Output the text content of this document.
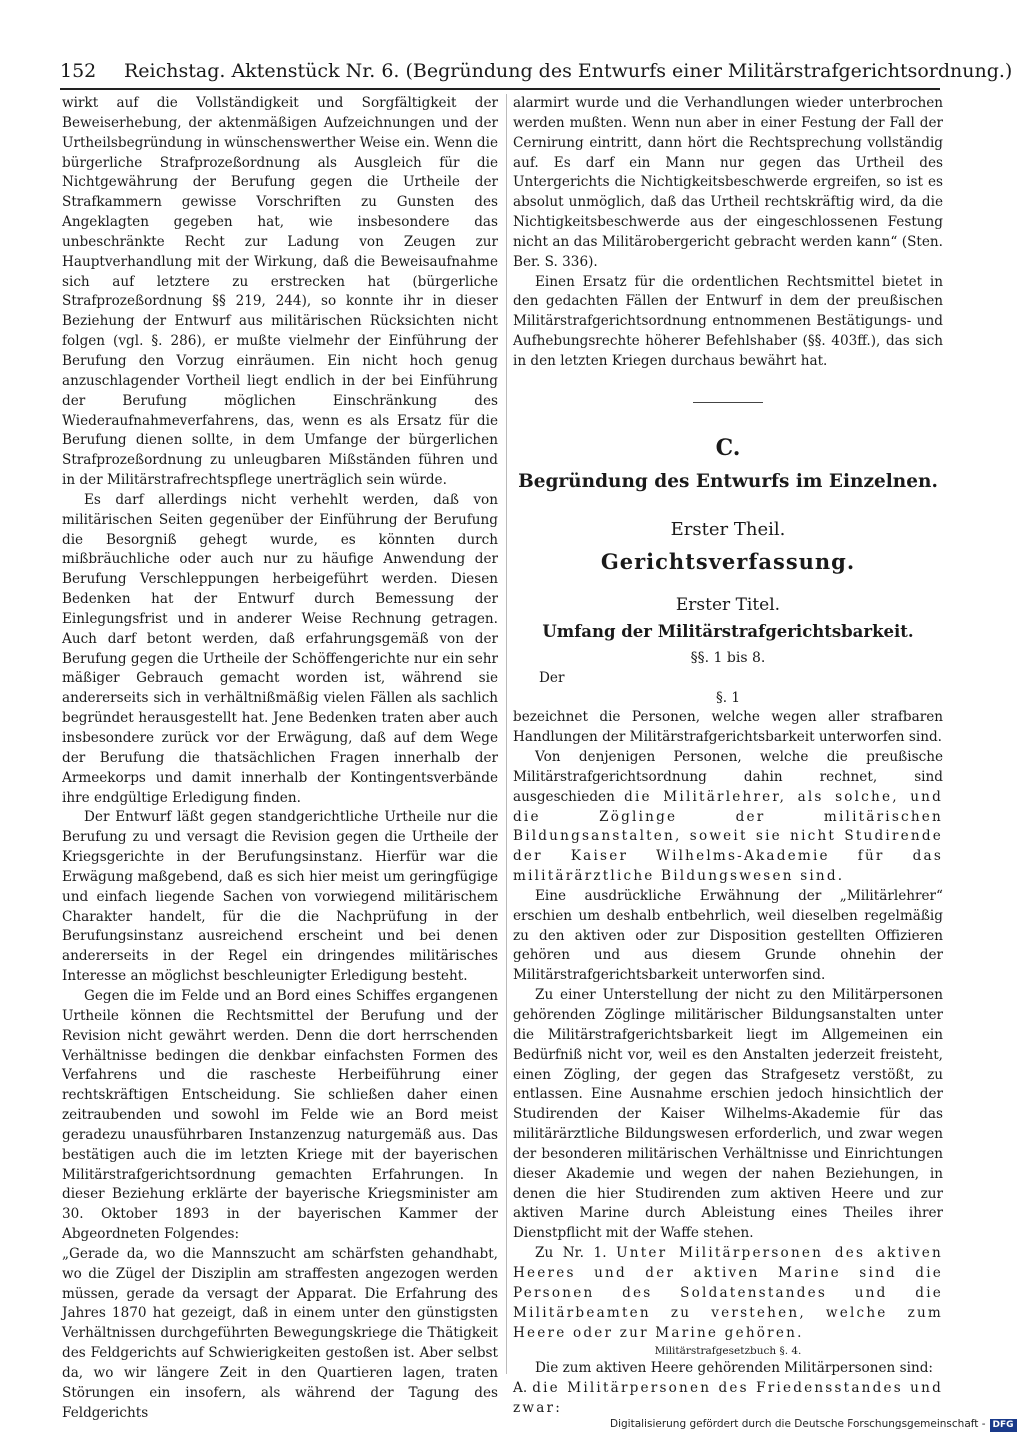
152 Reichstag. Aktenstück Nr. 6. (Begründung des Entwurfs einer Militärstrafgerichtsordnung.)

wirkt auf die Vollständigkeit und Sorgfältigkeit der Beweiserhebung, der aktenmäßigen Aufzeichnungen und der Urtheilsbegründung in wünschenswerther Weise ein. Wenn die bürgerliche Strafprozeßordnung als Ausgleich für die Nichtgewährung der Berufung gegen die Urtheile der Strafkammern gewisse Vorschriften zu Gunsten des Angeklagten gegeben hat, wie insbesondere das unbeschränkte Recht zur Ladung von Zeugen zur Hauptverhandlung mit der Wirkung, daß die Beweisaufnahme sich auf letztere zu erstrecken hat (bürgerliche Strafprozeßordnung §§ 219, 244), so konnte ihr in dieser Beziehung der Entwurf aus militärischen Rücksichten nicht folgen (vgl. §. 286), er mußte vielmehr der Einführung der Berufung den Vorzug einräumen. Ein nicht hoch genug anzuschlagender Vortheil liegt endlich in der bei Einführung der Berufung möglichen Einschränkung des Wiederaufnahmeverfahrens, das, wenn es als Ersatz für die Berufung dienen sollte, in dem Umfange der bürgerlichen Strafprozeßordnung zu unleugbaren Mißständen führen und in der Militärstrafrechtspflege unerträglich sein würde.

Es darf allerdings nicht verhehlt werden, daß von militärischen Seiten gegenüber der Einführung der Berufung die Besorgniß gehegt wurde, es könnten durch mißbräuchliche oder auch nur zu häufige Anwendung der Berufung Verschleppungen herbeigeführt werden. Diesen Bedenken hat der Entwurf durch Bemessung der Einlegungsfrist und in anderer Weise Rechnung getragen. Auch darf betont werden, daß erfahrungsgemäß von der Berufung gegen die Urtheile der Schöffengerichte nur ein sehr mäßiger Gebrauch gemacht worden ist, während sie andererseits sich in verhältnißmäßig vielen Fällen als sachlich begründet herausgestellt hat. Jene Bedenken traten aber auch insbesondere zurück vor der Erwägung, daß auf dem Wege der Berufung die thatsächlichen Fragen innerhalb der Armeekorps und damit innerhalb der Kontingentsverbände ihre endgültige Erledigung finden.

Der Entwurf läßt gegen standgerichtliche Urtheile nur die Berufung zu und versagt die Revision gegen die Urtheile der Kriegsgerichte in der Berufungsinstanz. Hierfür war die Erwägung maßgebend, daß es sich hier meist um geringfügige und einfach liegende Sachen von vorwiegend militärischem Charakter handelt, für die die Nachprüfung in der Berufungsinstanz ausreichend erscheint und bei denen andererseits in der Regel ein dringendes militärisches Interesse an möglichst beschleunigter Erledigung besteht.

Gegen die im Felde und an Bord eines Schiffes ergangenen Urtheile können die Rechtsmittel der Berufung und der Revision nicht gewährt werden. Denn die dort herrschenden Verhältnisse bedingen die denkbar einfachsten Formen des Verfahrens und die rascheste Herbeiführung einer rechtskräftigen Entscheidung. Sie schließen daher einen zeitraubenden und sowohl im Felde wie an Bord meist geradezu unausführbaren Instanzenzug naturgemäß aus. Das bestätigen auch die im letzten Kriege mit der bayerischen Militärstrafgerichtsordnung gemachten Erfahrungen. In dieser Beziehung erklärte der bayerische Kriegsminister am 30. Oktober 1893 in der bayerischen Kammer der Abgeordneten Folgendes:

„Gerade da, wo die Mannszucht am schärfsten gehandhabt, wo die Zügel der Disziplin am straffesten angezogen werden müssen, gerade da versagt der Apparat. Die Erfahrung des Jahres 1870 hat gezeigt, daß in einem unter den günstigsten Verhältnissen durchgeführten Bewegungskriege die Thätigkeit des Feldgerichts auf Schwierigkeiten gestoßen ist. Aber selbst da, wo wir längere Zeit in den Quartieren lagen, traten Störungen ein insofern, als während der Tagung des Feldgerichts

alarmirt wurde und die Verhandlungen wieder unterbrochen werden mußten. Wenn nun aber in einer Festung der Fall der Cernirung eintritt, dann hört die Rechtsprechung vollständig auf. Es darf ein Mann nur gegen das Urtheil des Untergerichts die Nichtigkeitsbeschwerde ergreifen, so ist es absolut unmöglich, daß das Urtheil rechtskräftig wird, da die Nichtigkeitsbeschwerde aus der eingeschlossenen Festung nicht an das Militärobergericht gebracht werden kann“ (Sten. Ber. S. 336).

Einen Ersatz für die ordentlichen Rechtsmittel bietet in den gedachten Fällen der Entwurf in dem der preußischen Militärstrafgerichtsordnung entnommenen Bestätigungs- und Aufhebungsrechte höherer Befehlshaber (§§. 403ff.), das sich in den letzten Kriegen durchaus bewährt hat.

C.
Begründung des Entwurfs im Einzelnen.
Erster Theil.
Gerichtsverfassung.
Erster Titel.
Umfang der Militärstrafgerichtsbarkeit.
§§. 1 bis 8.
Der
§. 1

bezeichnet die Personen, welche wegen aller strafbaren Handlungen der Militärstrafgerichtsbarkeit unterworfen sind.

Von denjenigen Personen, welche die preußische Militärstrafgerichtsordnung dahin rechnet, sind ausgeschieden die Militärlehrer, als solche, und die Zöglinge der militärischen Bildungsanstalten, soweit sie nicht Studirende der Kaiser Wilhelms-Akademie für das militärärztliche Bildungswesen sind.

Eine ausdrückliche Erwähnung der „Militärlehrer“ erschien um deshalb entbehrlich, weil dieselben regelmäßig zu den aktiven oder zur Disposition gestellten Offizieren gehören und aus diesem Grunde ohnehin der Militärstrafgerichtsbarkeit unterworfen sind.

Zu einer Unterstellung der nicht zu den Militärpersonen gehörenden Zöglinge militärischer Bildungsanstalten unter die Militärstrafgerichtsbarkeit liegt im Allgemeinen ein Bedürfniß nicht vor, weil es den Anstalten jederzeit freisteht, einen Zögling, der gegen das Strafgesetz verstößt, zu entlassen. Eine Ausnahme erschien jedoch hinsichtlich der Studirenden der Kaiser Wilhelms-Akademie für das militärärztliche Bildungswesen erforderlich, und zwar wegen der besonderen militärischen Verhältnisse und Einrichtungen dieser Akademie und wegen der nahen Beziehungen, in denen die hier Studirenden zum aktiven Heere und zur aktiven Marine durch Ableistung eines Theiles ihrer Dienstpflicht mit der Waffe stehen.

Zu Nr. 1. Unter Militärpersonen des aktiven Heeres und der aktiven Marine sind die Personen des Soldatenstandes und die Militärbeamten zu verstehen, welche zum Heere oder zur Marine gehören.

Militärstrafgesetzbuch §. 4.

Die zum aktiven Heere gehörenden Militärpersonen sind:

A. die Militärpersonen des Friedensstandes und zwar:

Digitalisierung gefördert durch die Deutsche Forschungsgemeinschaft - DFG
